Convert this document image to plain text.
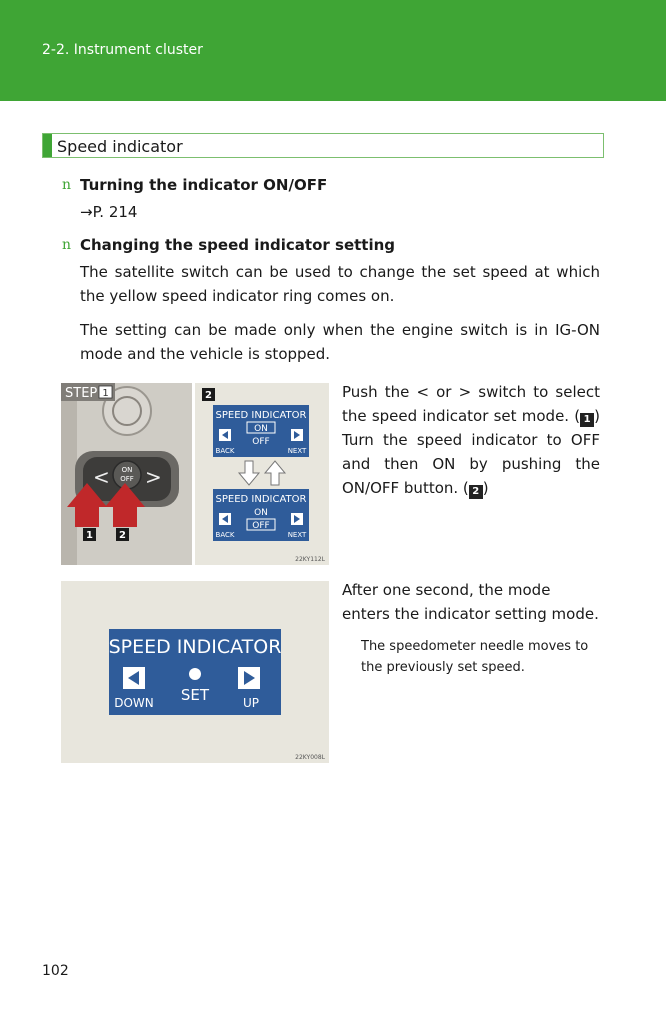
2-2. Instrument cluster
Speed indicator
n Turning the indicator ON/OFF
→P. 214
n Changing the speed indicator setting
The satellite switch can be used to change the set speed at which the yellow speed indicator ring comes on.
The setting can be made only when the engine switch is in IG-ON mode and the vehicle is stopped.
< >
ON
OFF
1	2
STEP 1	2
SPEED INDICATOR
ON
OFF
BACK	NEXT
SPEED INDICATOR
ON
OFF
BACK	NEXT
22KY112L
Push the < or > switch to select the speed indicator set mode. ( 1 ) Turn the speed indicator to OFF and then ON by pushing the ON/OFF button. ( 2 )
SPEED INDICATOR
DOWN SET	UP
22KY008L
After one second, the mode enters the indicator setting mode.
The speedometer needle moves to the previously set speed.
102
